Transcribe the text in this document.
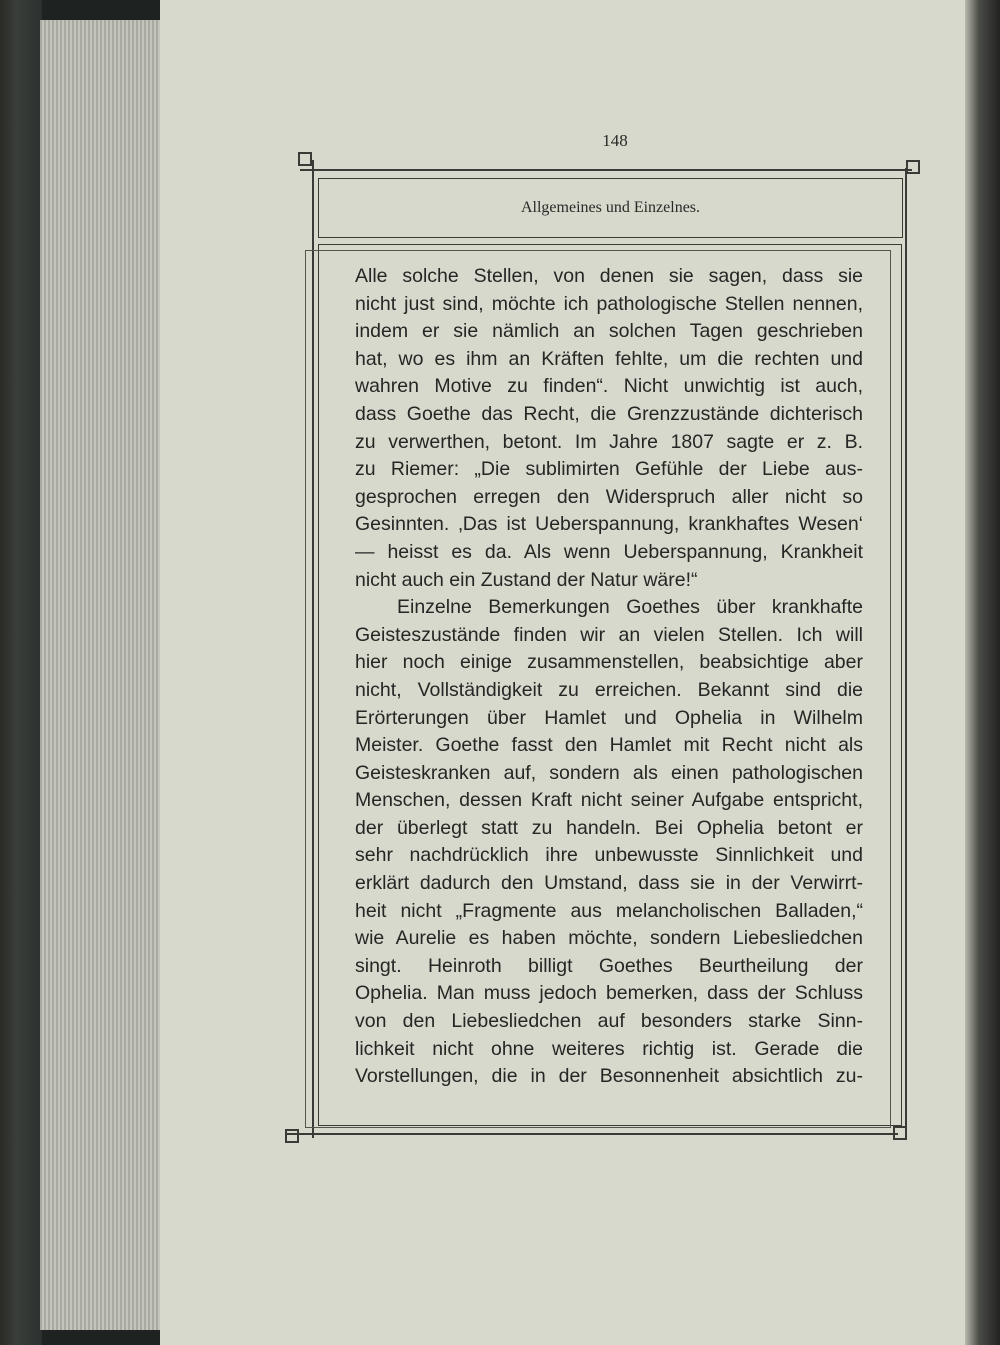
148
Allgemeines und Einzelnes.
Alle solche Stellen, von denen sie sagen, dass sie
nicht just sind, möchte ich pathologische Stellen nennen,
indem er sie nämlich an solchen Tagen geschrieben
hat, wo es ihm an Kräften fehlte, um die rechten und
wahren Motive zu finden“. Nicht unwichtig ist auch,
dass Goethe das Recht, die Grenzzustände dichterisch
zu verwerthen, betont. Im Jahre 1807 sagte er z. B.
zu Riemer: „Die sublimirten Gefühle der Liebe aus-
gesprochen erregen den Widerspruch aller nicht so
Gesinnten. ‚Das ist Ueberspannung, krankhaftes Wesen‘
— heisst es da. Als wenn Ueberspannung, Krankheit
nicht auch ein Zustand der Natur wäre!“
Einzelne Bemerkungen Goethes über krankhafte
Geisteszustände finden wir an vielen Stellen. Ich will
hier noch einige zusammenstellen, beabsichtige aber
nicht, Vollständigkeit zu erreichen. Bekannt sind die
Erörterungen über Hamlet und Ophelia in Wilhelm
Meister. Goethe fasst den Hamlet mit Recht nicht als
Geisteskranken auf, sondern als einen pathologischen
Menschen, dessen Kraft nicht seiner Aufgabe entspricht,
der überlegt statt zu handeln. Bei Ophelia betont er
sehr nachdrücklich ihre unbewusste Sinnlichkeit und
erklärt dadurch den Umstand, dass sie in der Verwirrt-
heit nicht „Fragmente aus melancholischen Balladen,“
wie Aurelie es haben möchte, sondern Liebesliedchen
singt. Heinroth billigt Goethes Beurtheilung der
Ophelia. Man muss jedoch bemerken, dass der Schluss
von den Liebesliedchen auf besonders starke Sinn-
lichkeit nicht ohne weiteres richtig ist. Gerade die
Vorstellungen, die in der Besonnenheit absichtlich zu-
